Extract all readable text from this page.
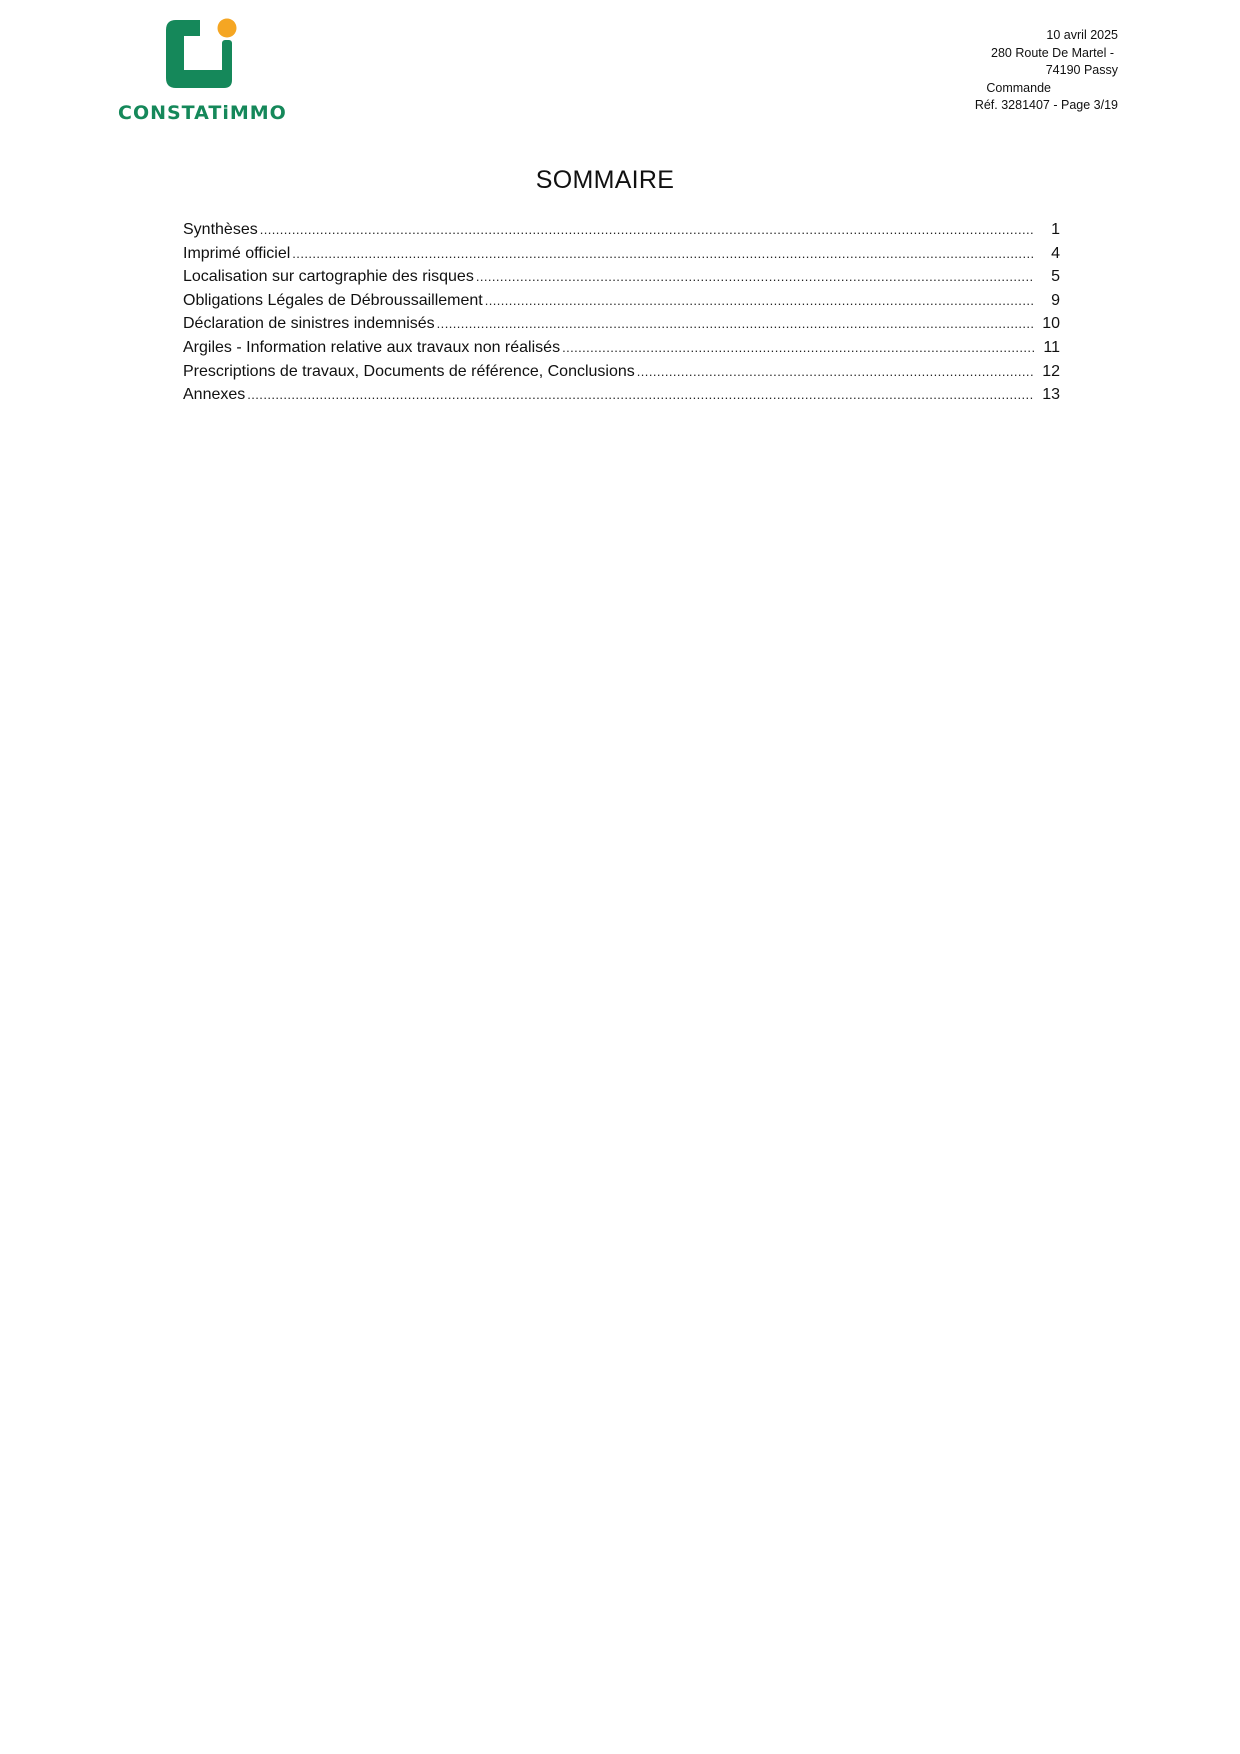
CONSTATiMMO
10 avril 2025
280 Route De Martel -
74190 Passy
Commande
Réf. 3281407 - Page 3/19
SOMMAIRE
Synthèses .....	1
Imprimé officiel .....	4
Localisation sur cartographie des risques .....	5
Obligations Légales de Débroussaillement .....	9
Déclaration de sinistres indemnisés .....	10
Argiles - Information relative aux travaux non réalisés .....	11
Prescriptions de travaux, Documents de référence, Conclusions .....	12
Annexes .....	13
